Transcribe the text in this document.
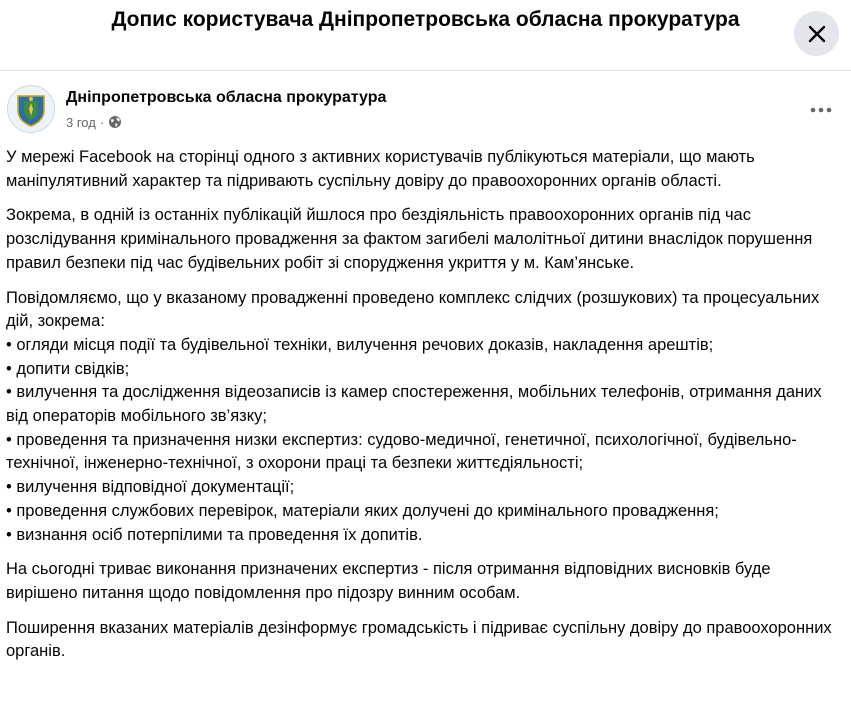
Допис користувача Дніпропетровська обласна прокуратура
Дніпропетровська обласна прокуратура
3 год ·

У мережі Facebook на сторінці одного з активних користувачів публікуються матеріали, що мають маніпулятивний характер та підривають суспільну довіру до правоохоронних органів області.

Зокрема, в одній із останніх публікацій йшлося про бездіяльність правоохоронних органів під час розслідування кримінального провадження за фактом загибелі малолітньої дитини внаслідок порушення правил безпеки під час будівельних робіт зі спорудження укриття у м. Кам’янське.

Повідомляємо, що у вказаному провадженні проведено комплекс слідчих (розшукових) та процесуальних дій, зокрема:

• огляди місця події та будівельної техніки, вилучення речових доказів, накладення арештів;

• допити свідків;

• вилучення та дослідження відеозаписів із камер спостереження, мобільних телефонів, отримання даних від операторів мобільного зв’язку;

• проведення та призначення низки експертиз: судово-медичної, генетичної, психологічної, будівельно-технічної, інженерно-технічної, з охорони праці та безпеки життєдіяльності;

• вилучення відповідної документації;

• проведення службових перевірок, матеріали яких долучені до кримінального провадження;

• визнання осіб потерпілими та проведення їх допитів.

На сьогодні триває виконання призначених експертиз - після отримання відповідних висновків буде вирішено питання щодо повідомлення про підозру винним особам.

Поширення вказаних матеріалів дезінформує громадськість і підриває суспільну довіру до правоохоронних органів.
